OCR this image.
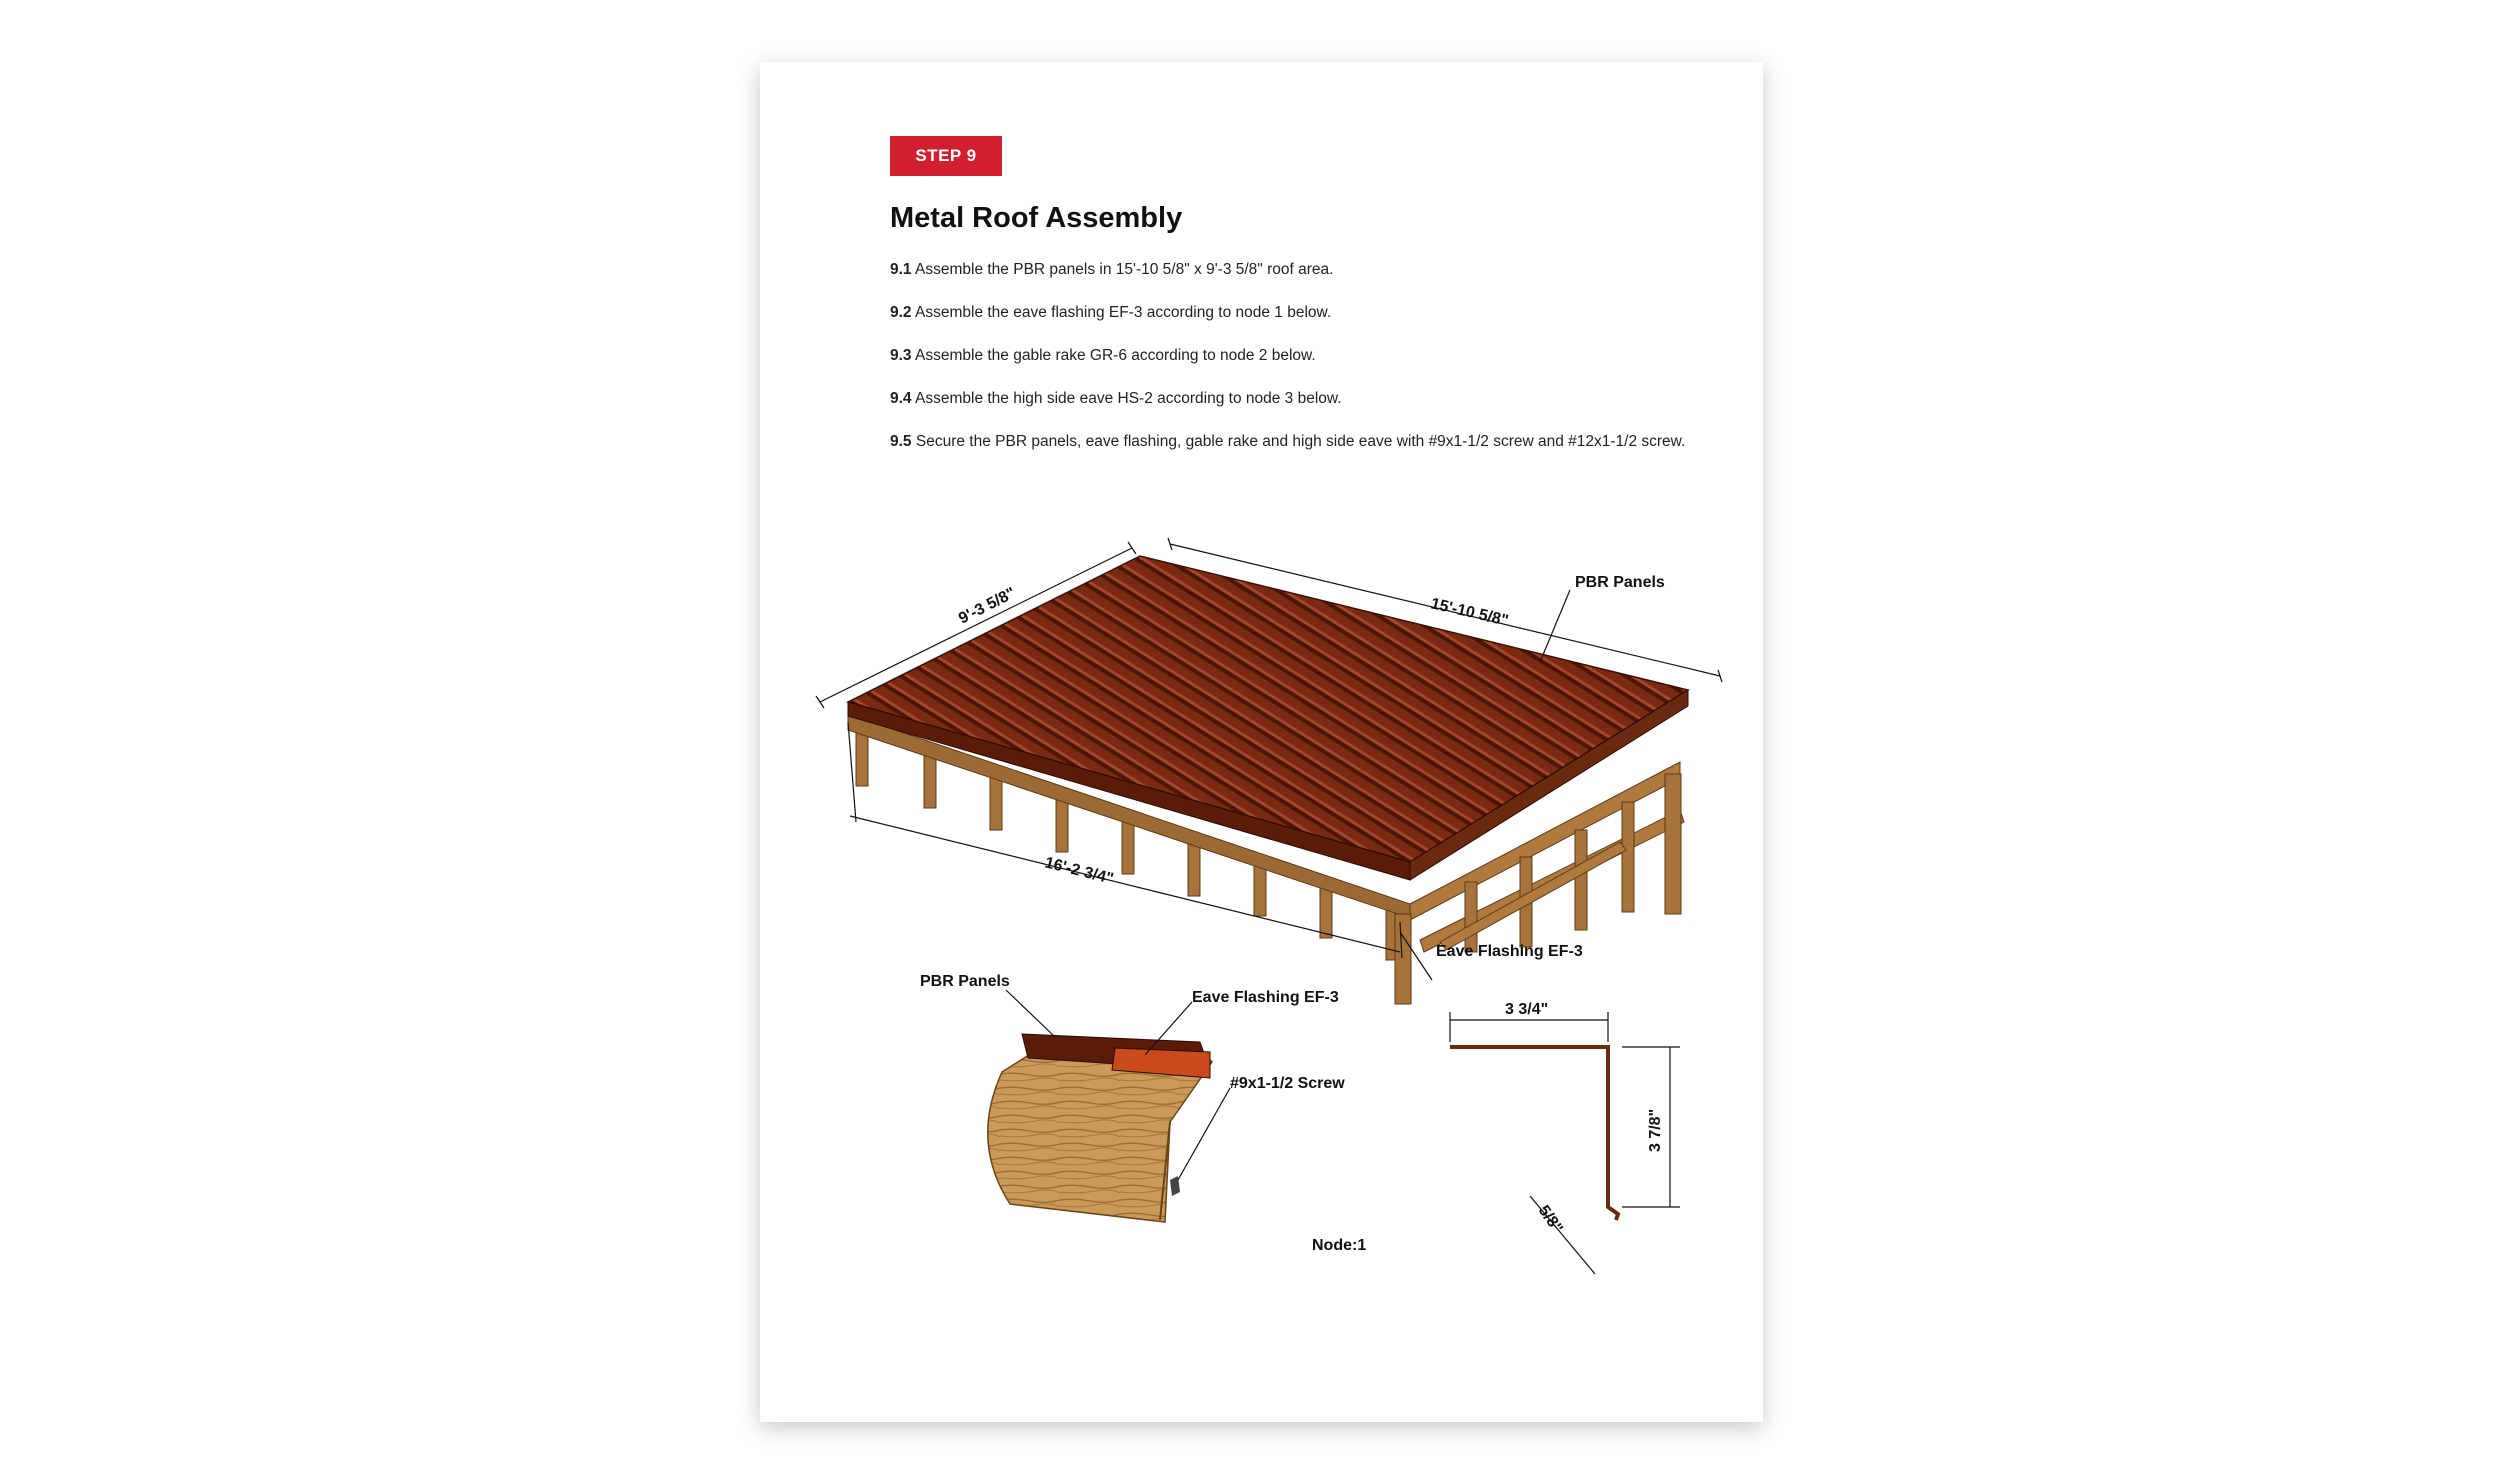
STEP 9
Metal Roof Assembly

9.1 Assemble the PBR panels in 15'-10 5/8" x 9'-3 5/8" roof area.

9.2 Assemble the eave flashing EF-3 according to node 1 below.

9.3 Assemble the gable rake GR-6 according to node 2 below.

9.4 Assemble the high side eave HS-2 according to node 3 below.

9.5 Secure the PBR panels, eave flashing, gable rake and high side eave with #9x1-1/2 screw and #12x1-1/2 screw.

9'-3 5/8"	15'-10 5/8"
16'-2 3/4"
PBR Panels
Eave Flashing EF-3
PBR Panels
Eave Flashing EF-3
#9x1-1/2 Screw
3 3/4"
3 7/8"
5/8"
Node:1
